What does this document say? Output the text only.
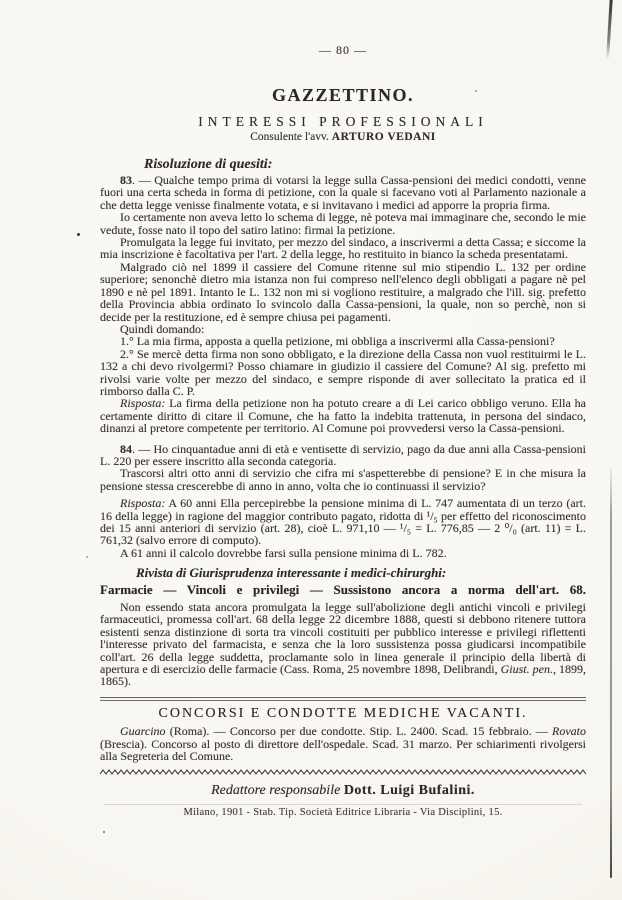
— 80 —
GAZZETTINO.
INTERESSI PROFESSIONALI
Consulente l'avv. ARTURO VEDANI
Risoluzione di quesiti:

83. — Qualche tempo prima di votarsi la legge sulla Cassa-pensioni dei medici condotti, venne fuori una certa scheda in forma di petizione, con la quale si facevano voti al Parlamento nazionale a che detta legge venisse finalmente votata, e si invitavano i medici ad apporre la propria firma.

Io certamente non aveva letto lo schema di legge, nè poteva mai immaginare che, secondo le mie vedute, fosse nato il topo del satiro latino: firmai la petizione.

Promulgata la legge fui invitato, per mezzo del sindaco, a inscrivermi a detta Cassa; e siccome la mia inscrizione è facoltativa per l'art. 2 della legge, ho restituito in bianco la scheda presentatami.

Malgrado ciò nel 1899 il cassiere del Comune ritenne sul mio stipendio L. 132 per ordine superiore; senonchè dietro mia istanza non fui compreso nell'elenco degli obbligati a pagare nè pel 1890 e nè pel 1891. Intanto le L. 132 non mi si vogliono restituire, a malgrado che l'ill. sig. prefetto della Provincia abbia ordinato lo svincolo dalla Cassa-pensioni, la quale, non so perchè, non si decide per la restituzione, ed è sempre chiusa pei pagamenti.

Quindi domando:

1.° La mia firma, apposta a quella petizione, mi obbliga a inscrivermi alla Cassa-pensioni?

2.° Se mercè detta firma non sono obbligato, e la direzione della Cassa non vuol restituirmi le L. 132 a chi devo rivolgermi? Posso chiamare in giudizio il cassiere del Comune? Al sig. prefetto mi rivolsi varie volte per mezzo del sindaco, e sempre risponde di aver sollecitato la pratica ed il rimborso dalla C. P.

Risposta: La firma della petizione non ha potuto creare a di Lei carico obbligo veruno. Ella ha certamente diritto di citare il Comune, che ha fatto la indebita trattenuta, in persona del sindaco, dinanzi al pretore competente per territorio. Al Comune poi provvedersi verso la Cassa-pensioni.

84. — Ho cinquantadue anni di età e ventisette di servizio, pago da due anni alla Cassa-pensioni L. 220 per essere inscritto alla seconda categoria.

Trascorsi altri otto anni di servizio che cifra mi s'aspetterebbe di pensione? E in che misura la pensione stessa crescerebbe di anno in anno, volta che io continuassi il servizio?

Risposta: A 60 anni Ella percepirebbe la pensione minima di L. 747 aumentata di un terzo (art. 16 della legge) in ragione del maggior contributo pagato, ridotta di ¹/₅ per effetto del riconoscimento dei 15 anni anteriori di servizio (art. 28), cioè L. 971,10 — ¹/₅ = L. 776,85 — 2 ⁰/₀ (art. 11) = L. 761,32 (salvo errore di computo).

A 61 anni il calcolo dovrebbe farsi sulla pensione minima di L. 782.

Rivista di Giurisprudenza interessante i medici-chirurghi:
Farmacie — Vincoli e privilegi — Sussistono ancora a norma dell'art. 68.

Non essendo stata ancora promulgata la legge sull'abolizione degli antichi vincoli e privilegi farmaceutici, promessa coll'art. 68 della legge 22 dicembre 1888, questi si debbono ritenere tuttora esistenti senza distinzione di sorta tra vincoli costituiti per pubblico interesse e privilegi riflettenti l'interesse privato del farmacista, e senza che la loro sussistenza possa giudicarsi incompatibile coll'art. 26 della legge suddetta, proclamante solo in linea generale il principio della libertà di apertura e di esercizio delle farmacie (Cass. Roma, 25 novembre 1898, Delibrandi, Giust. pen., 1899, 1865).

CONCORSI E CONDOTTE MEDICHE VACANTI.

Guarcino (Roma). — Concorso per due condotte. Stip. L. 2400. Scad. 15 febbraio. — Rovato (Brescia). Concorso al posto di direttore dell'ospedale. Scad. 31 marzo. Per schiarimenti rivolgersi alla Segreteria del Comune.

Redattore responsabile Dott. Luigi Bufalini.
Milano, 1901 - Stab. Tip. Società Editrice Libraria - Via Disciplini, 15.
